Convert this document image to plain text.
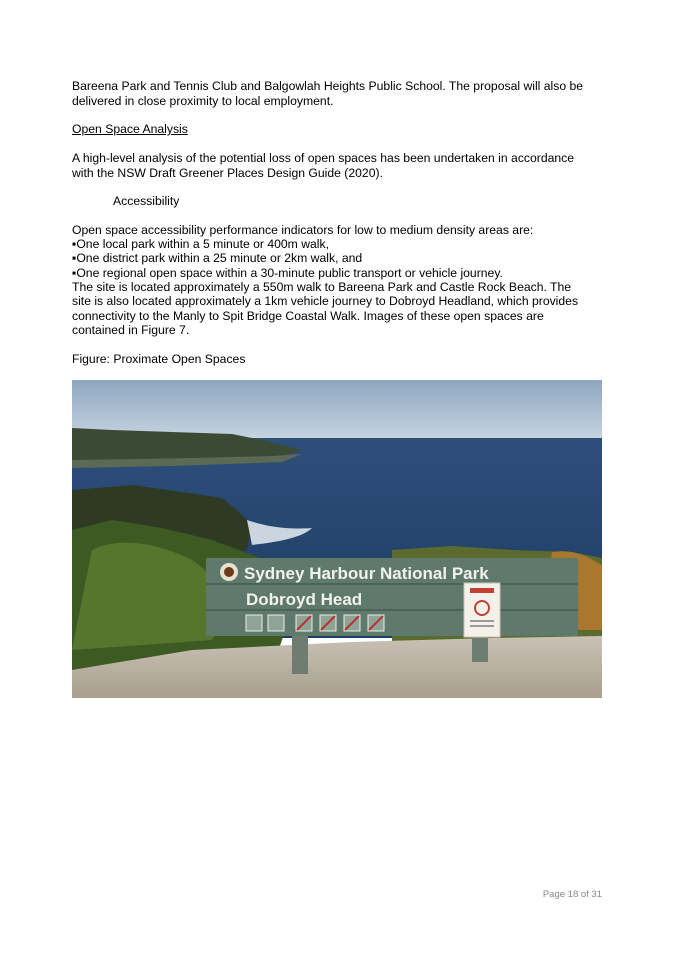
Bareena Park and Tennis Club and Balgowlah Heights Public School. The proposal will also be

delivered in close proximity to local employment.

Open Space Analysis

A high-level analysis of the potential loss of open spaces has been undertaken in accordance

with the NSW Draft Greener Places Design Guide (2020).

Accessibility

Open space accessibility performance indicators for low to medium density areas are:

▪One local park within a 5 minute or 400m walk,

▪One district park within a 25 minute or 2km walk, and

▪One regional open space within a 30-minute public transport or vehicle journey.

The site is located approximately a 550m walk to Bareena Park and Castle Rock Beach. The

site is also located approximately a 1km vehicle journey to Dobroyd Headland, which provides

connectivity to the Manly to Spit Bridge Coastal Walk. Images of these open spaces are

contained in Figure 7.

Figure: Proximate Open Spaces

Sydney Harbour National Park
Dobroyd Head
Page 18 of 31
